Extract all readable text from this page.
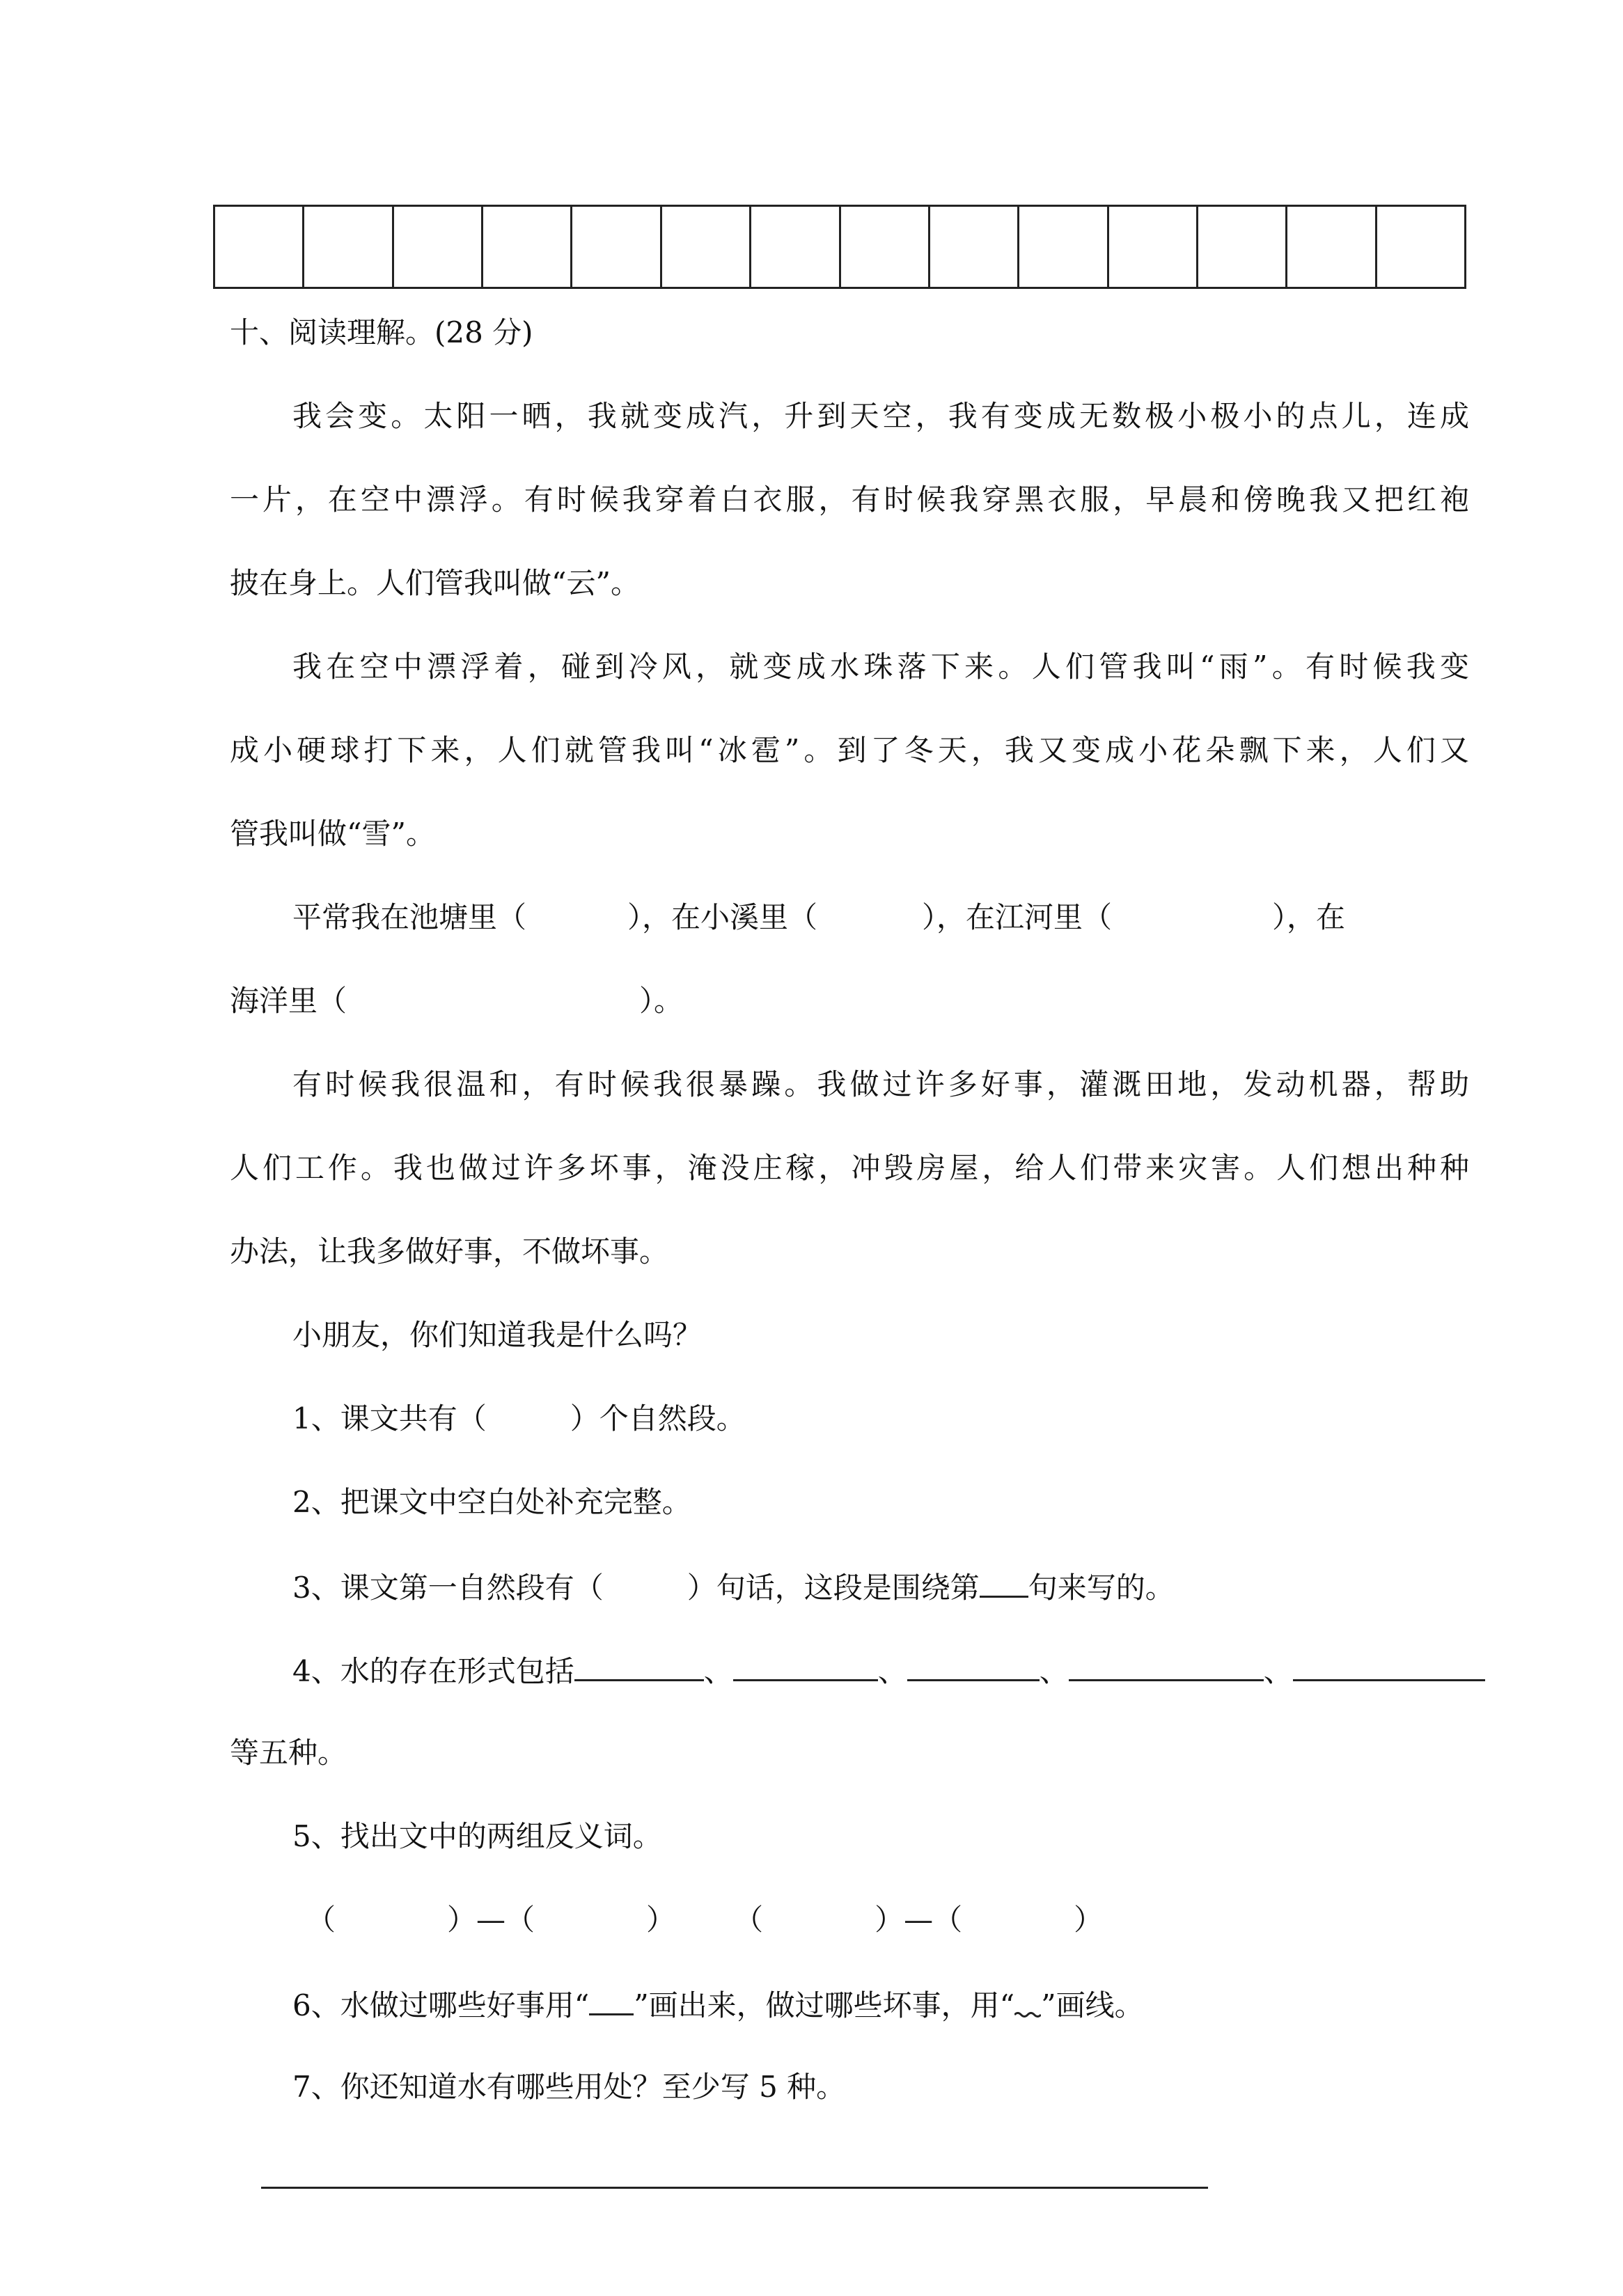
十、阅读理解。(28 分)

我会变。太阳一晒，我就变成汽，升到天空，我有变成无数极小极小的点儿，连成

一片，在空中漂浮。有时候我穿着白衣服，有时候我穿黑衣服，早晨和傍晚我又把红袍

披在身上。人们管我叫做“云”。

我在空中漂浮着，碰到冷风，就变成水珠落下来。人们管我叫“雨”。有时候我变

成小硬球打下来，人们就管我叫“冰雹”。到了冬天，我又变成小花朵飘下来，人们又

管我叫做“雪”。

平常我在池塘里（	），在小溪里（	），在江河里（	），在

海洋里（	）。

有时候我很温和，有时候我很暴躁。我做过许多好事，灌溉田地，发动机器，帮助

人们工作。我也做过许多坏事，淹没庄稼，冲毁房屋，给人们带来灾害。人们想出种种

办法，让我多做好事，不做坏事。

小朋友，你们知道我是什么吗？

1、课文共有（	）个自然段。

2、把课文中空白处补充完整。

3、课文第一自然段有（	）句话，这段是围绕第 句来写的。

4、水的存在形式包括	、	、	、	、

等五种。

5、找出文中的两组反义词。

（	）—（	） （	）—（	）

6、水做过哪些好事用“ ”画出来，做过哪些坏事，用“ ”画线。

7、你还知道水有哪些用处？至少写 5 种。
